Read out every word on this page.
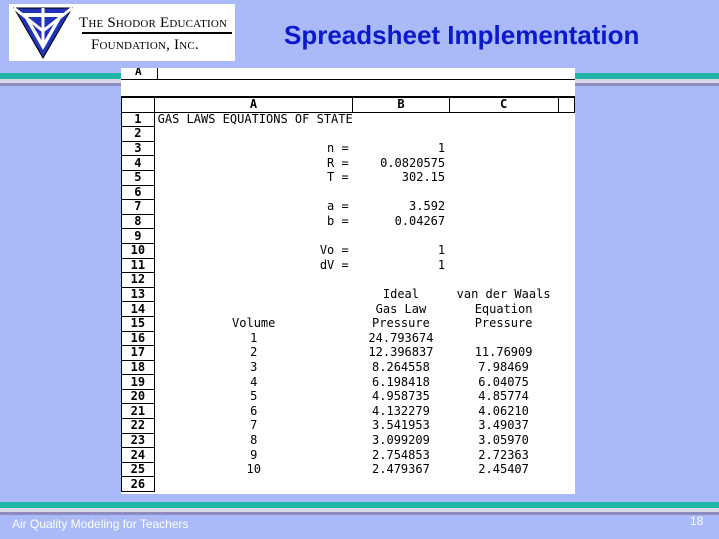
The Shodor Education
Foundation, Inc.	Spreadsheet Implementation
A
	A	B	C	
1	GAS LAWS EQUATIONS OF STATE			
2				
3	n =	1		
4	R =	0.0820575		
5	T =	302.15		
6				
7	a =	3.592		
8	b =	0.04267		
9				
10	Vo =	1		
11	dV =	1		
12				
13		Ideal	van der Waals	
14		Gas Law	Equation	
15	Volume	Pressure	Pressure	
16	1	24.793674		
17	2	12.396837	11.76909	
18	3	8.264558	7.98469	
19	4	6.198418	6.04075	
20	5	4.958735	4.85774	
21	6	4.132279	4.06210	
22	7	3.541953	3.49037	
23	8	3.099209	3.05970	
24	9	2.754853	2.72363	
25	10	2.479367	2.45407	
26				
Air Quality Modeling for Teachers	18
